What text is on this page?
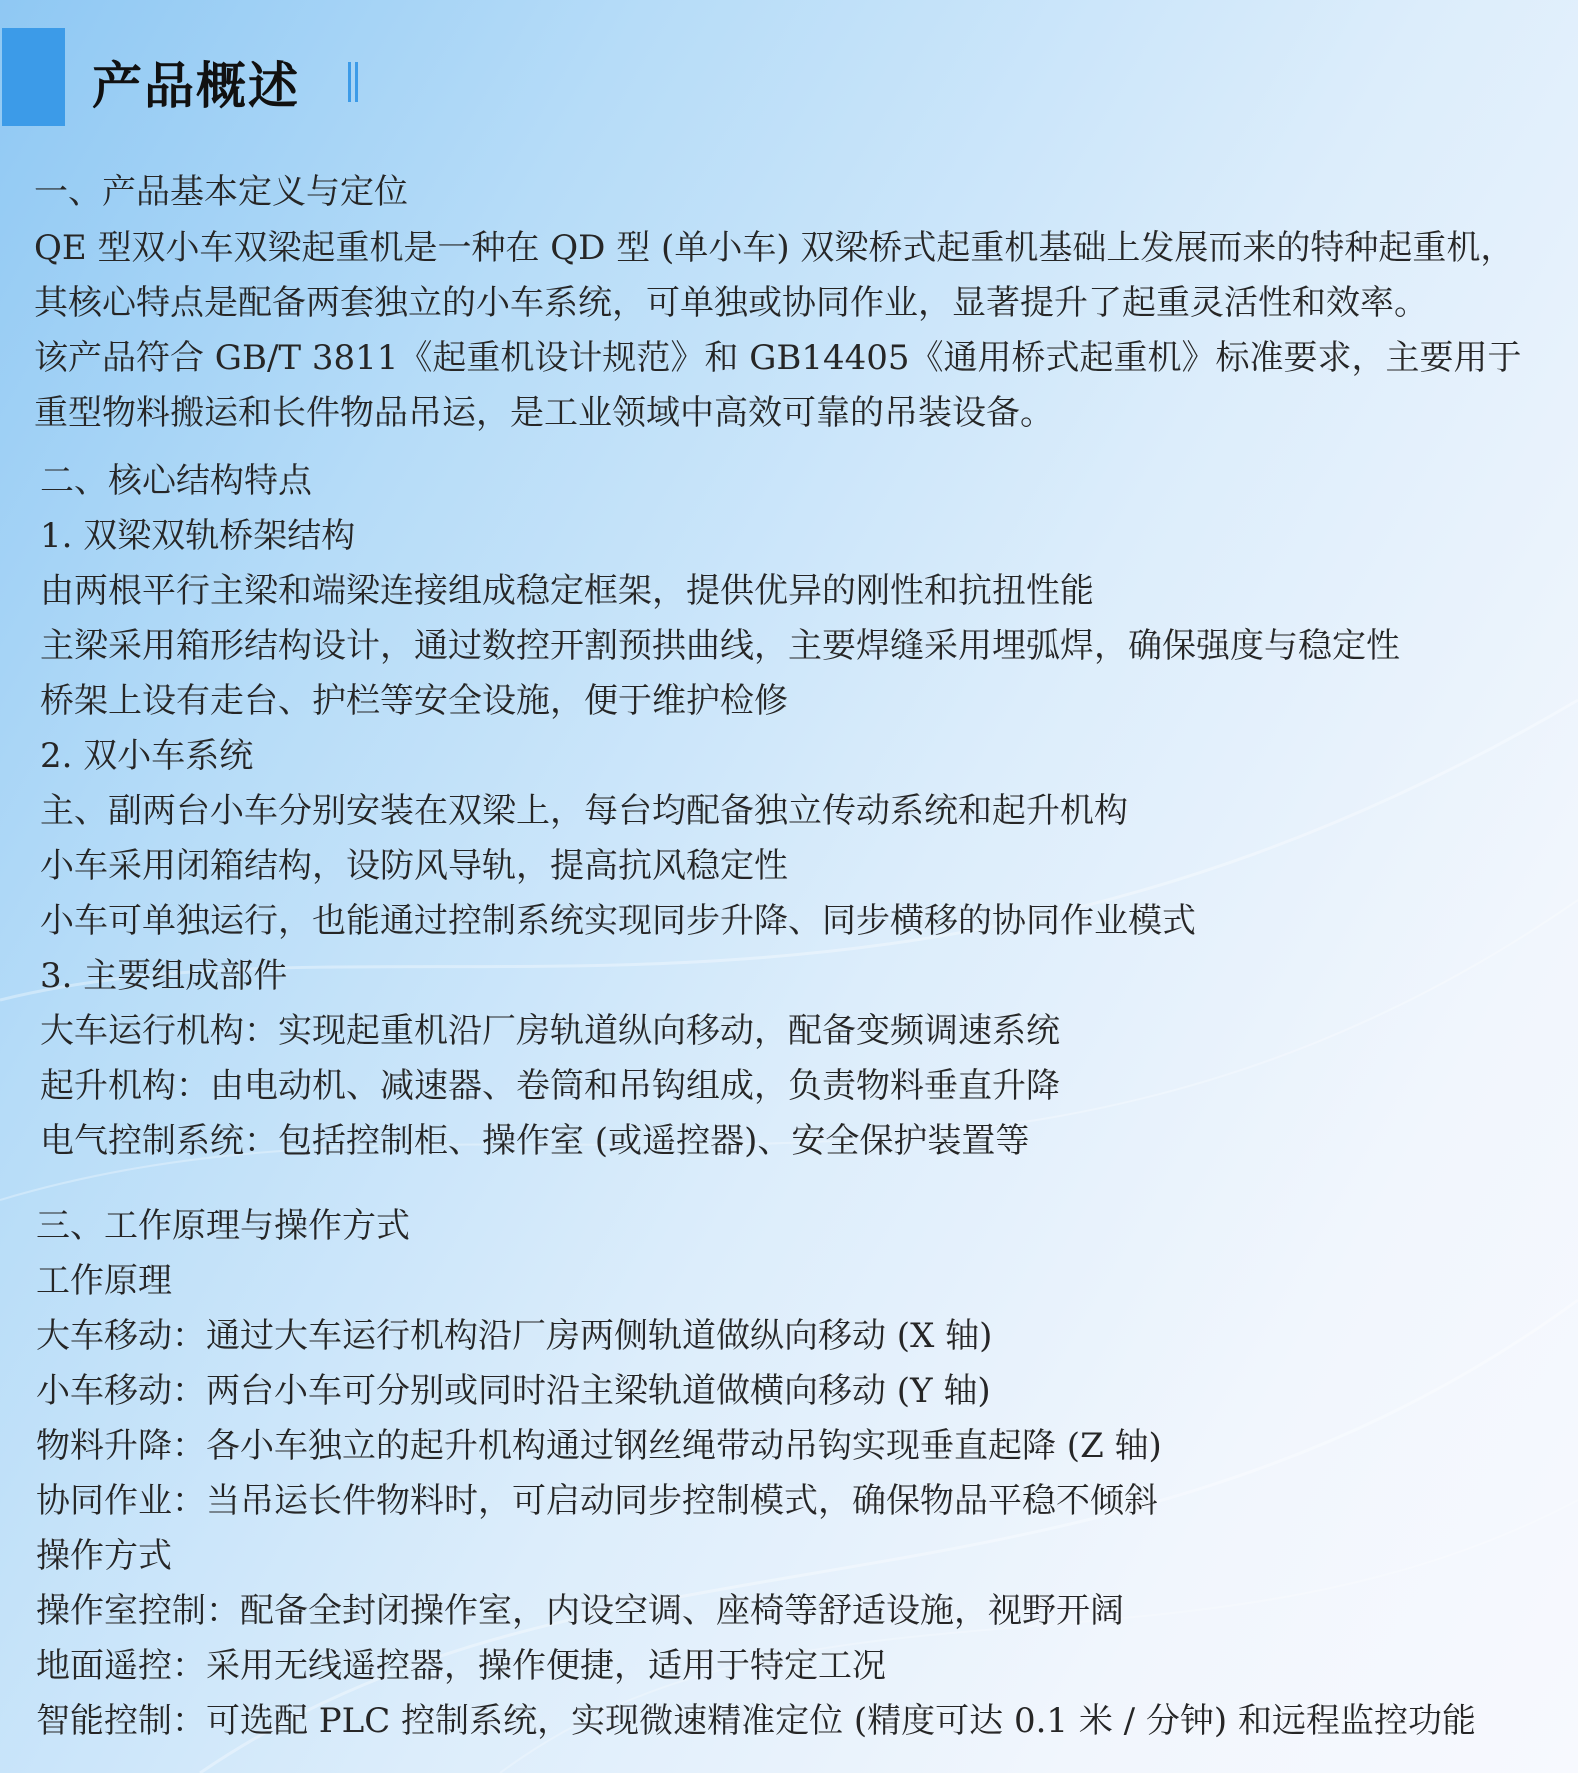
产品概述
一、产品基本定义与定位
QE 型双小车双梁起重机是一种在 QD 型 (单小车) 双梁桥式起重机基础上发展而来的特种起重机，
其核心特点是配备两套独立的小车系统，可单独或协同作业，显著提升了起重灵活性和效率。
该产品符合 GB/T 3811《起重机设计规范》和 GB14405《通用桥式起重机》标准要求，主要用于
重型物料搬运和长件物品吊运，是工业领域中高效可靠的吊装设备。
二、核心结构特点
1. 双梁双轨桥架结构
由两根平行主梁和端梁连接组成稳定框架，提供优异的刚性和抗扭性能
主梁采用箱形结构设计，通过数控开割预拱曲线，主要焊缝采用埋弧焊，确保强度与稳定性
桥架上设有走台、护栏等安全设施，便于维护检修
2. 双小车系统
主、副两台小车分别安装在双梁上，每台均配备独立传动系统和起升机构
小车采用闭箱结构，设防风导轨，提高抗风稳定性
小车可单独运行，也能通过控制系统实现同步升降、同步横移的协同作业模式
3. 主要组成部件
大车运行机构：实现起重机沿厂房轨道纵向移动，配备变频调速系统
起升机构：由电动机、减速器、卷筒和吊钩组成，负责物料垂直升降
电气控制系统：包括控制柜、操作室 (或遥控器)、安全保护装置等
三、工作原理与操作方式
工作原理
大车移动：通过大车运行机构沿厂房两侧轨道做纵向移动 (X 轴)
小车移动：两台小车可分别或同时沿主梁轨道做横向移动 (Y 轴)
物料升降：各小车独立的起升机构通过钢丝绳带动吊钩实现垂直起降 (Z 轴)
协同作业：当吊运长件物料时，可启动同步控制模式，确保物品平稳不倾斜
操作方式
操作室控制：配备全封闭操作室，内设空调、座椅等舒适设施，视野开阔
地面遥控：采用无线遥控器，操作便捷，适用于特定工况
智能控制：可选配 PLC 控制系统，实现微速精准定位 (精度可达 0.1 米 / 分钟) 和远程监控功能
